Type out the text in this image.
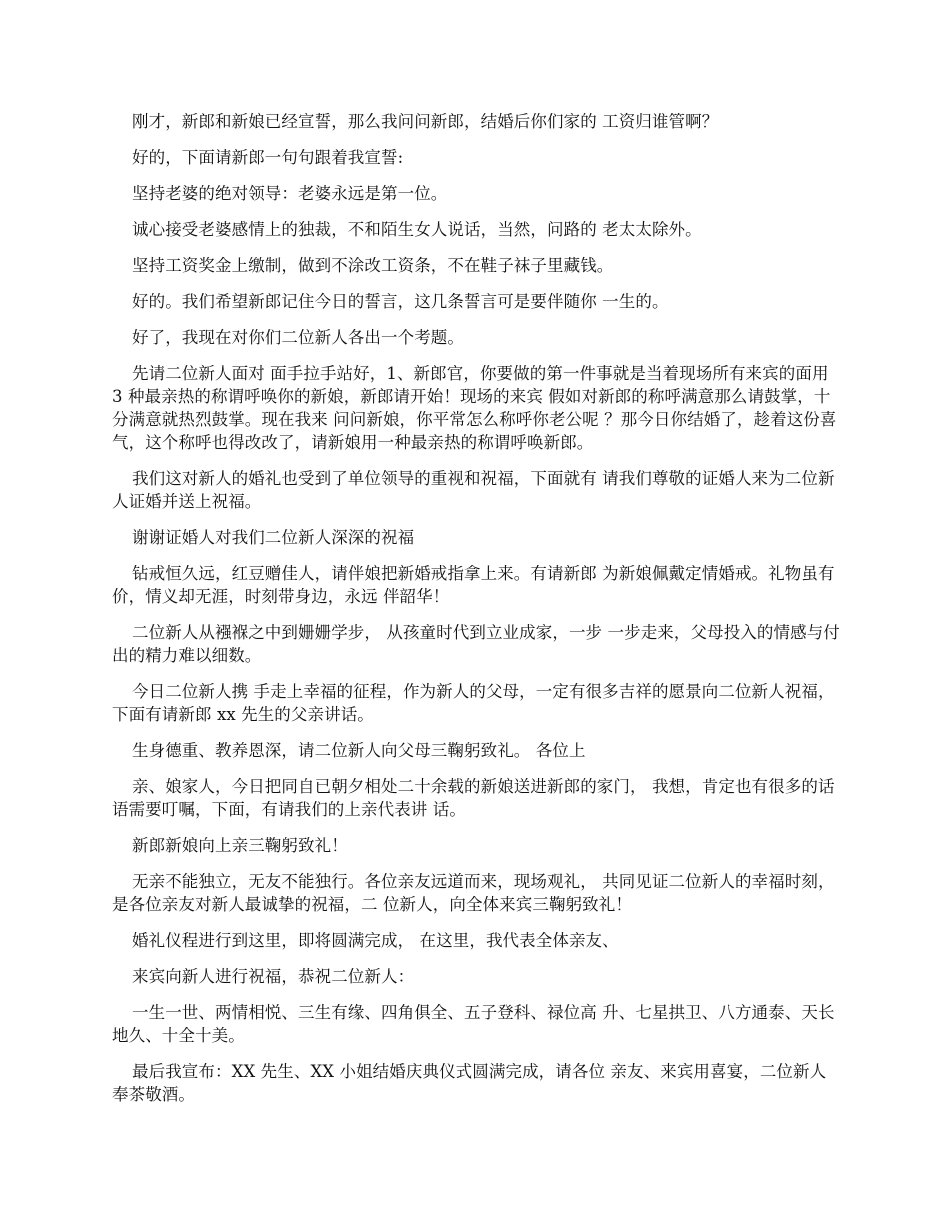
刚才，新郎和新娘已经宣誓，那么我问问新郎，结婚后你们家的 工资归谁管啊？

好的，下面请新郎一句句跟着我宣誓:

坚持老婆的绝对领导：老婆永远是第一位。

诚心接受老婆感情上的独裁，不和陌生女人说话，当然，问路的 老太太除外。

坚持工资奖金上缴制，做到不涂改工资条，不在鞋子袜子里藏钱。

好的。我们希望新郎记住今日的誓言，这几条誓言可是要伴随你 一生的。

好了，我现在对你们二位新人各出一个考题。

先请二位新人面对 面手拉手站好，1、新郎官，你要做的第一件事就是当着现场所有来宾的面用 3 种最亲热的称谓呼唤你的新娘，新郎请开始！现场的来宾 假如对新郎的称呼满意那么请鼓掌，十分满意就热烈鼓掌。现在我来 问问新娘，你平常怎么称呼你老公呢 ？那今日你结婚了，趁着这份喜 气，这个称呼也得改改了，请新娘用一种最亲热的称谓呼唤新郎。

我们这对新人的婚礼也受到了单位领导的重视和祝福，下面就有 请我们尊敬的证婚人来为二位新人证婚并送上祝福。

谢谢证婚人对我们二位新人深深的祝福

钻戒恒久远，红豆赠佳人，请伴娘把新婚戒指拿上来。有请新郎 为新娘佩戴定情婚戒。礼物虽有价，情义却无涯，时刻带身边，永远 伴韶华！

二位新人从襁褓之中到姗姗学步， 从孩童时代到立业成家，一步 一步走来，父母投入的情感与付出的精力难以细数。

今日二位新人携 手走上幸福的征程，作为新人的父母，一定有很多吉祥的愿景向二位新人祝福，下面有请新郎 xx 先生的父亲讲话。

生身德重、教养恩深，请二位新人向父母三鞠躬致礼。 各位上

亲、娘家人，今日把同自已朝夕相处二十余载的新娘送进新郎的家门， 我想，肯定也有很多的话语需要叮嘱，下面，有请我们的上亲代表讲 话。

新郎新娘向上亲三鞠躬致礼！

无亲不能独立，无友不能独行。各位亲友远道而来，现场观礼， 共同见证二位新人的幸福时刻，是各位亲友对新人最诚挚的祝福，二 位新人，向全体来宾三鞠躬致礼！

婚礼仪程进行到这里，即将圆满完成， 在这里，我代表全体亲友、

来宾向新人进行祝福，恭祝二位新人：

一生一世、两情相悦、三生有缘、四角俱全、五子登科、禄位高 升、七星拱卫、八方通泰、天长地久、十全十美。

最后我宣布：XX 先生、XX 小姐结婚庆典仪式圆满完成，请各位 亲友、来宾用喜宴，二位新人奉茶敬酒。
